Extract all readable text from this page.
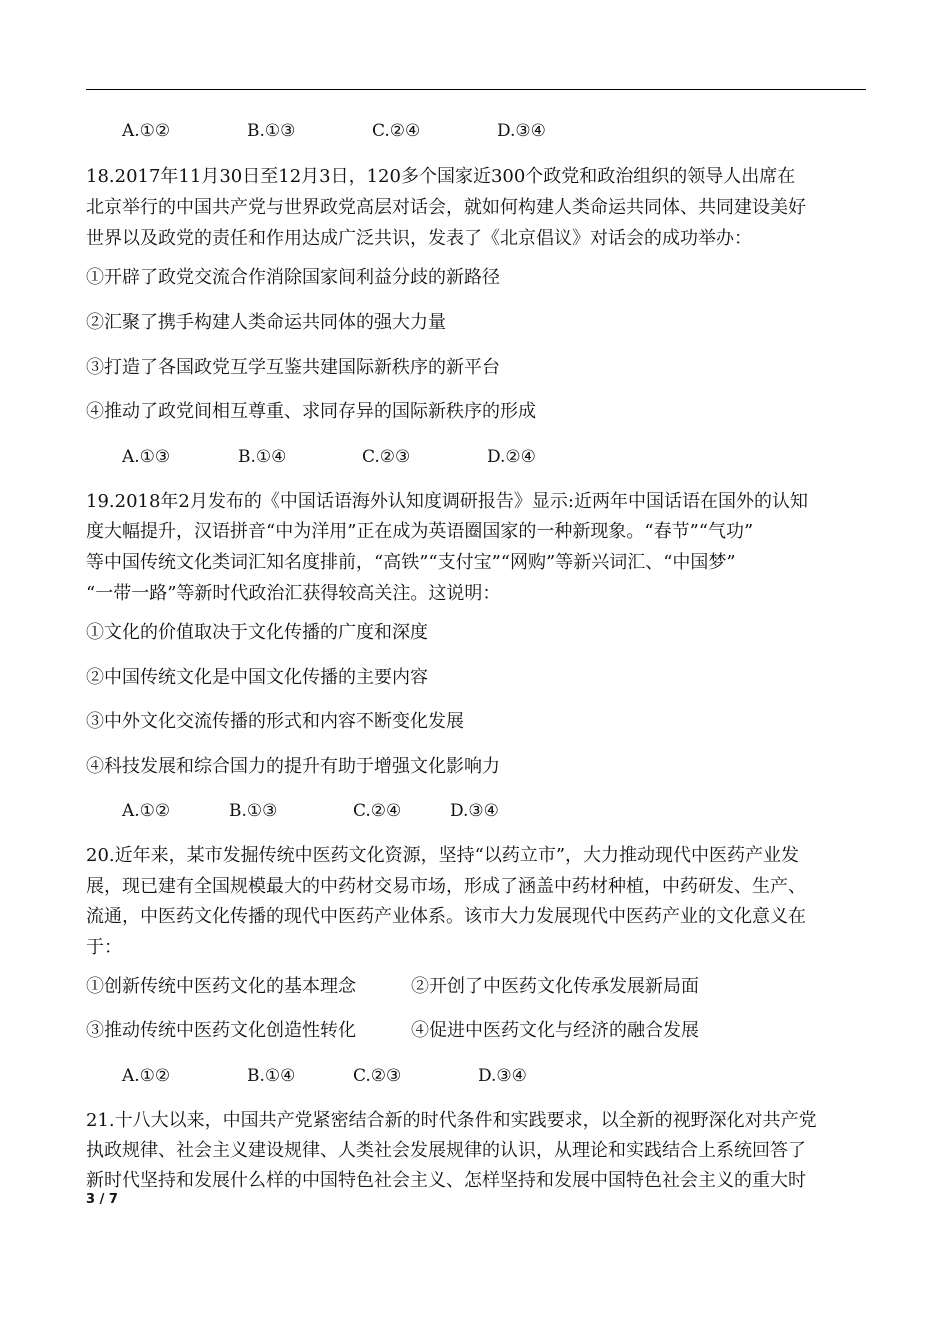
A.①②	B.①③	C.②④	D.③④
18.2017年11月30日至12月3日，120多个国家近300个政党和政治组织的领导人出席在
北京举行的中国共产党与世界政党高层对话会，就如何构建人类命运共同体、共同建设美好
世界以及政党的责任和作用达成广泛共识，发表了《北京倡议》对话会的成功举办：
①开辟了政党交流合作消除国家间利益分歧的新路径
②汇聚了携手构建人类命运共同体的强大力量
③打造了各国政党互学互鉴共建国际新秩序的新平台
④推动了政党间相互尊重、求同存异的国际新秩序的形成
A.①③	B.①④	C.②③	D.②④
19.2018年2月发布的《中国话语海外认知度调研报告》显示:近两年中国话语在国外的认知
度大幅提升，汉语拼音“中为洋用”正在成为英语圈国家的一种新现象。“春节”“气功”
等中国传统文化类词汇知名度排前，“高铁”“支付宝”“网购”等新兴词汇、“中国梦”
“一带一路”等新时代政治汇获得较高关注。这说明：
①文化的价值取决于文化传播的广度和深度
②中国传统文化是中国文化传播的主要内容
③中外文化交流传播的形式和内容不断变化发展
④科技发展和综合国力的提升有助于增强文化影响力
A.①②	B.①③	C.②④	D.③④
20.近年来，某市发掘传统中医药文化资源，坚持“以药立市”，大力推动现代中医药产业发
展，现已建有全国规模最大的中药材交易市场，形成了涵盖中药材种植，中药研发、生产、
流通，中医药文化传播的现代中医药产业体系。该市大力发展现代中医药产业的文化意义在
于：
①创新传统中医药文化的基本理念	②开创了中医药文化传承发展新局面
③推动传统中医药文化创造性转化	④促进中医药文化与经济的融合发展
A.①②	B.①④	C.②③	D.③④
21.十八大以来，中国共产党紧密结合新的时代条件和实践要求，以全新的视野深化对共产党
执政规律、社会主义建设规律、人类社会发展规律的认识，从理论和实践结合上系统回答了
新时代坚持和发展什么样的中国特色社会主义、怎样坚持和发展中国特色社会主义的重大时
3 / 7
